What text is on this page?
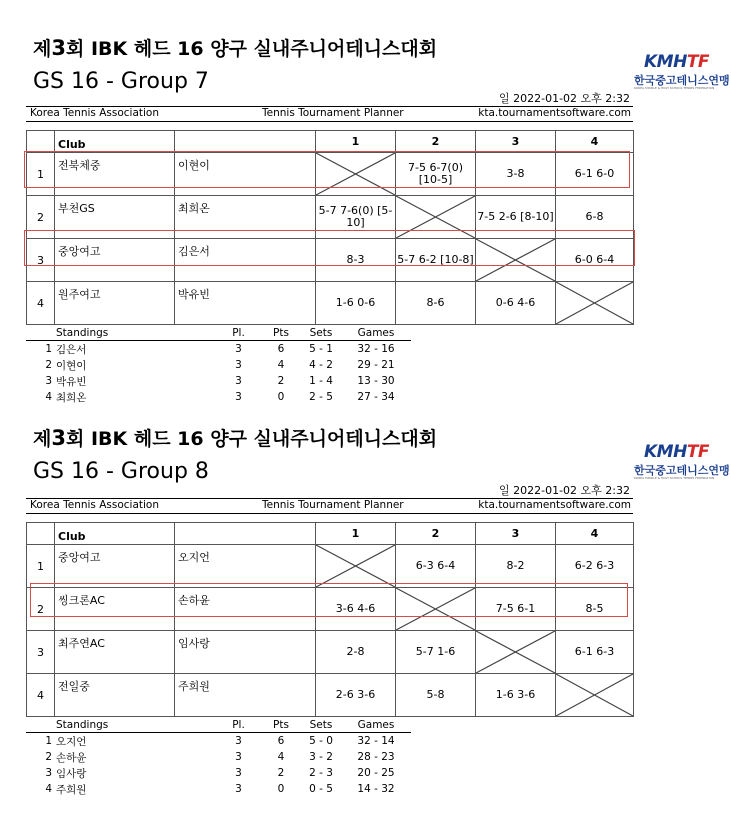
제3회 IBK 헤드 16 양구 실내주니어테니스대회
GS 16 - Group 7
KMHTF
한국중고테니스연맹
KOREA MIDDLE & HIGH SCHOOL TENNIS FEDERATION
일 2022-01-02 오후 2:32
Korea Tennis Association	Tennis Tournament Planner	kta.tournamentsoftware.com
	Club		1	2	3	4
1	전북체중	이현이		7-5 6-7(0) [10-5]	3-8	6-1 6-0
2	부천GS	최희온	5-7 7-6(0) [5-10]		7-5 2-6 [8-10]	6-8
3	중앙여고	김은서	8-3	5-7 6-2 [10-8]		6-0 6-4
4	원주여고	박유빈	1-6 0-6	8-6	0-6 4-6	
Standings		Pl.	Pts	Sets	Games
1	김은서	3	6	5 - 1	32 - 16
2	이현이	3	4	4 - 2	29 - 21
3	박유빈	3	2	1 - 4	13 - 30
4	최희온	3	0	2 - 5	27 - 34
제3회 IBK 헤드 16 양구 실내주니어테니스대회
GS 16 - Group 8
KMHTF
한국중고테니스연맹
KOREA MIDDLE & HIGH SCHOOL TENNIS FEDERATION
일 2022-01-02 오후 2:32
Korea Tennis Association	Tennis Tournament Planner	kta.tournamentsoftware.com
	Club		1	2	3	4
1	중앙여고	오지언		6-3 6-4	8-2	6-2 6-3
2	씽크론AC	손하윤	3-6 4-6		7-5 6-1	8-5
3	최주연AC	임사랑	2-8	5-7 1-6		6-1 6-3
4	전일중	주희원	2-6 3-6	5-8	1-6 3-6	
Standings		Pl.	Pts	Sets	Games
1	오지언	3	6	5 - 0	32 - 14
2	손하윤	3	4	3 - 2	28 - 23
3	임사랑	3	2	2 - 3	20 - 25
4	주희원	3	0	0 - 5	14 - 32
